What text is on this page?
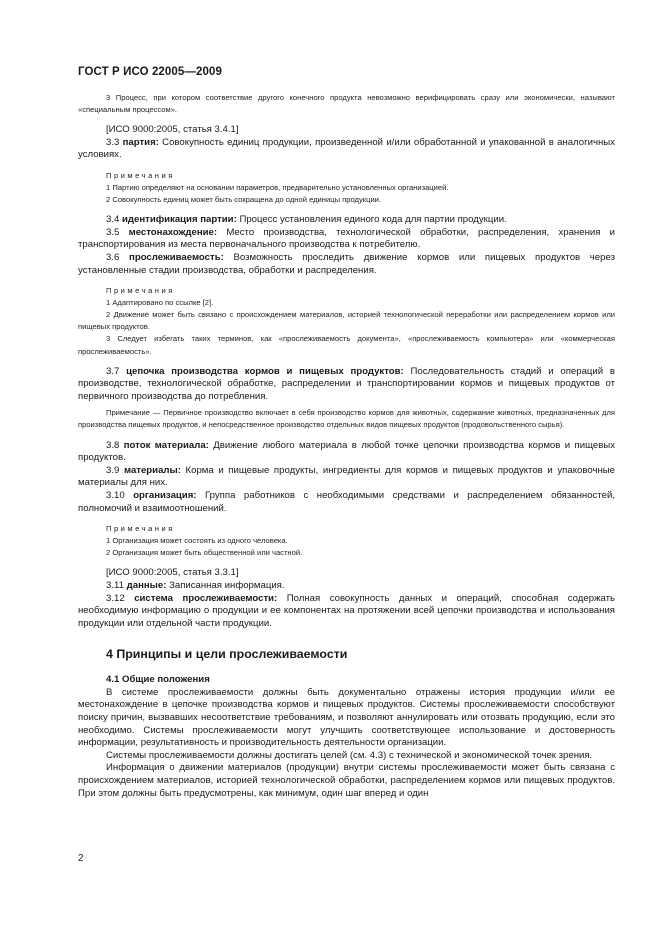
ГОСТ Р ИСО 22005—2009

3 Процесс, при котором соответствие другого конечного продукта невозможно верифицировать сразу или экономически, называют «специальным процессом».

[ИСО 9000:2005, статья 3.4.1]

3.3 партия: Совокупность единиц продукции, произведенной и/или обработанной и упакованной в аналогичных условиях.

Примечания

1 Партию определяют на основании параметров, предварительно установленных организацией.

2 Совокупность единиц может быть сокращена до одной единицы продукции.

3.4 идентификация партии: Процесс установления единого кода для партии продукции.

3.5 местонахождение: Место производства, технологической обработки, распределения, хранения и транспортирования из места первоначального производства к потребителю.

3.6 прослеживаемость: Возможность проследить движение кормов или пищевых продуктов через установленные стадии производства, обработки и распределения.

Примечания

1 Адаптировано по ссылке [2].

2 Движение может быть связано с происхождением материалов, историей технологической переработки или распределением кормов или пищевых продуктов.

3 Следует избегать таких терминов, как «прослеживаемость документа», «прослеживаемость компьютера» или «коммерческая прослеживаемость».

3.7 цепочка производства кормов и пищевых продуктов: Последовательность стадий и операций в производстве, технологической обработке, распределении и транспортировании кормов и пищевых продуктов от первичного производства до потребления.

Примечание — Первичное производство включает в себя производство кормов для животных, содержание животных, предназначенных для производства пищевых продуктов, и непосредственное производство отдельных видов пищевых продуктов (продовольственного сырья).

3.8 поток материала: Движение любого материала в любой точке цепочки производства кормов и пищевых продуктов.

3.9 материалы: Корма и пищевые продукты, ингредиенты для кормов и пищевых продуктов и упаковочные материалы для них.

3.10 организация: Группа работников с необходимыми средствами и распределением обязанностей, полномочий и взаимоотношений.

Примечания

1 Организация может состоять из одного человека.

2 Организация может быть общественной или частной.

[ИСО 9000:2005, статья 3.3.1]

3.11 данные: Записанная информация.

3.12 система прослеживаемости: Полная совокупность данных и операций, способная содержать необходимую информацию о продукции и ее компонентах на протяжении всей цепочки производства и использования продукции или отдельной части продукции.

4 Принципы и цели прослеживаемости

4.1 Общие положения

В системе прослеживаемости должны быть документально отражены история продукции и/или ее местонахождение в цепочке производства кормов и пищевых продуктов. Системы прослеживаемости способствуют поиску причин, вызвавших несоответствие требованиям, и позволяют аннулировать или отозвать продукцию, если это необходимо. Системы прослеживаемости могут улучшить соответствующее использование и достоверность информации, результативность и производительность деятельности организации.

Системы прослеживаемости должны достигать целей (см. 4.3) с технической и экономической точек зрения.

Информация о движении материалов (продукции) внутри системы прослеживаемости может быть связана с происхождением материалов, историей технологической обработки, распределением кормов или пищевых продуктов. При этом должны быть предусмотрены, как минимум, один шаг вперед и один

2
